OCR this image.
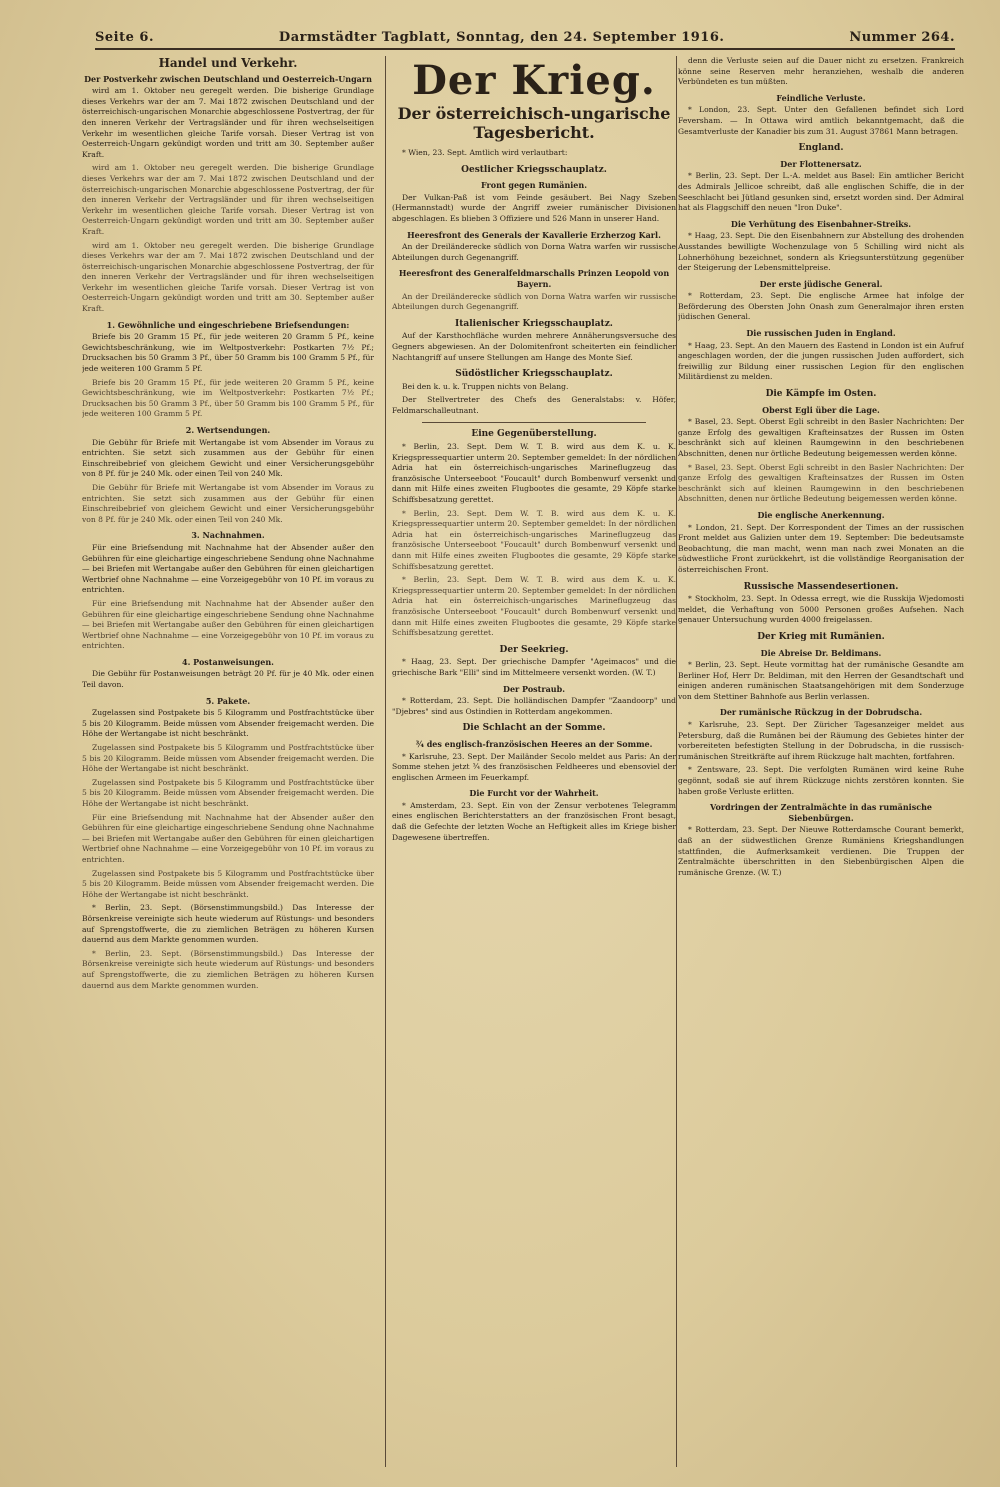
Seite 6.	Darmstädter Tagblatt, Sonntag, den 24. September 1916.	Nummer 264.
Handel und Verkehr.
Der Postverkehr zwischen Deutschland und Oesterreich-Ungarn

wird am 1. Oktober neu geregelt werden. Die bisherige Grundlage dieses Verkehrs war der am 7. Mai 1872 zwischen Deutschland und der österreichisch-ungarischen Monarchie abgeschlossene Postvertrag, der für den inneren Verkehr der Vertragsländer und für ihren wechselseitigen Verkehr im wesentlichen gleiche Tarife vorsah. Dieser Vertrag ist von Oesterreich-Ungarn gekündigt worden und tritt am 30. September außer Kraft.

wird am 1. Oktober neu geregelt werden. Die bisherige Grundlage dieses Verkehrs war der am 7. Mai 1872 zwischen Deutschland und der österreichisch-ungarischen Monarchie abgeschlossene Postvertrag, der für den inneren Verkehr der Vertragsländer und für ihren wechselseitigen Verkehr im wesentlichen gleiche Tarife vorsah. Dieser Vertrag ist von Oesterreich-Ungarn gekündigt worden und tritt am 30. September außer Kraft.

wird am 1. Oktober neu geregelt werden. Die bisherige Grundlage dieses Verkehrs war der am 7. Mai 1872 zwischen Deutschland und der österreichisch-ungarischen Monarchie abgeschlossene Postvertrag, der für den inneren Verkehr der Vertragsländer und für ihren wechselseitigen Verkehr im wesentlichen gleiche Tarife vorsah. Dieser Vertrag ist von Oesterreich-Ungarn gekündigt worden und tritt am 30. September außer Kraft.

1. Gewöhnliche und eingeschriebene Briefsendungen:

Briefe bis 20 Gramm 15 Pf., für jede weiteren 20 Gramm 5 Pf., keine Gewichtsbeschränkung, wie im Weltpostverkehr: Postkarten 7½ Pf.; Drucksachen bis 50 Gramm 3 Pf., über 50 Gramm bis 100 Gramm 5 Pf., für jede weiteren 100 Gramm 5 Pf.

Briefe bis 20 Gramm 15 Pf., für jede weiteren 20 Gramm 5 Pf., keine Gewichtsbeschränkung, wie im Weltpostverkehr: Postkarten 7½ Pf.; Drucksachen bis 50 Gramm 3 Pf., über 50 Gramm bis 100 Gramm 5 Pf., für jede weiteren 100 Gramm 5 Pf.

2. Wertsendungen.

Die Gebühr für Briefe mit Wertangabe ist vom Absender im Voraus zu entrichten. Sie setzt sich zusammen aus der Gebühr für einen Einschreibebrief von gleichem Gewicht und einer Versicherungsgebühr von 8 Pf. für je 240 Mk. oder einen Teil von 240 Mk.

Die Gebühr für Briefe mit Wertangabe ist vom Absender im Voraus zu entrichten. Sie setzt sich zusammen aus der Gebühr für einen Einschreibebrief von gleichem Gewicht und einer Versicherungsgebühr von 8 Pf. für je 240 Mk. oder einen Teil von 240 Mk.

3. Nachnahmen.

Für eine Briefsendung mit Nachnahme hat der Absender außer den Gebühren für eine gleichartige eingeschriebene Sendung ohne Nachnahme — bei Briefen mit Wertangabe außer den Gebühren für einen gleichartigen Wertbrief ohne Nachnahme — eine Vorzeigegebühr von 10 Pf. im voraus zu entrichten.

Für eine Briefsendung mit Nachnahme hat der Absender außer den Gebühren für eine gleichartige eingeschriebene Sendung ohne Nachnahme — bei Briefen mit Wertangabe außer den Gebühren für einen gleichartigen Wertbrief ohne Nachnahme — eine Vorzeigegebühr von 10 Pf. im voraus zu entrichten.

4. Postanweisungen.

Die Gebühr für Postanweisungen beträgt 20 Pf. für je 40 Mk. oder einen Teil davon.

5. Pakete.

Zugelassen sind Postpakete bis 5 Kilogramm und Postfrachtstücke über 5 bis 20 Kilogramm. Beide müssen vom Absender freigemacht werden. Die Höhe der Wertangabe ist nicht beschränkt.

Zugelassen sind Postpakete bis 5 Kilogramm und Postfrachtstücke über 5 bis 20 Kilogramm. Beide müssen vom Absender freigemacht werden. Die Höhe der Wertangabe ist nicht beschränkt.

Zugelassen sind Postpakete bis 5 Kilogramm und Postfrachtstücke über 5 bis 20 Kilogramm. Beide müssen vom Absender freigemacht werden. Die Höhe der Wertangabe ist nicht beschränkt.

Für eine Briefsendung mit Nachnahme hat der Absender außer den Gebühren für eine gleichartige eingeschriebene Sendung ohne Nachnahme — bei Briefen mit Wertangabe außer den Gebühren für einen gleichartigen Wertbrief ohne Nachnahme — eine Vorzeigegebühr von 10 Pf. im voraus zu entrichten.

Zugelassen sind Postpakete bis 5 Kilogramm und Postfrachtstücke über 5 bis 20 Kilogramm. Beide müssen vom Absender freigemacht werden. Die Höhe der Wertangabe ist nicht beschränkt.

* Berlin, 23. Sept. (Börsenstimmungsbild.) Das Interesse der Börsenkreise vereinigte sich heute wiederum auf Rüstungs- und besonders auf Sprengstoffwerte, die zu ziemlichen Beträgen zu höheren Kursen dauernd aus dem Markte genommen wurden.

* Berlin, 23. Sept. (Börsenstimmungsbild.) Das Interesse der Börsenkreise vereinigte sich heute wiederum auf Rüstungs- und besonders auf Sprengstoffwerte, die zu ziemlichen Beträgen zu höheren Kursen dauernd aus dem Markte genommen wurden.

Der Krieg.
Der österreichisch-ungarische Tagesbericht.

* Wien, 23. Sept. Amtlich wird verlautbart:

Oestlicher Kriegsschauplatz.
Front gegen Rumänien.

Der Vulkan-Paß ist vom Feinde gesäubert. Bei Nagy Szeben (Hermannstadt) wurde der Angriff zweier rumänischer Divisionen abgeschlagen. Es blieben 3 Offiziere und 526 Mann in unserer Hand.

Heeresfront des Generals der Kavallerie Erzherzog Karl.

An der Dreiländerecke südlich von Dorna Watra warfen wir russische Abteilungen durch Gegenangriff.

Heeresfront des Generalfeldmarschalls Prinzen Leopold von Bayern.

An der Dreiländerecke südlich von Dorna Watra warfen wir russische Abteilungen durch Gegenangriff.

Italienischer Kriegsschauplatz.

Auf der Karsthochfläche wurden mehrere Annäherungsversuche des Gegners abgewiesen. An der Dolomitenfront scheiterten ein feindlicher Nachtangriff auf unsere Stellungen am Hange des Monte Sief.

Südöstlicher Kriegsschauplatz.

Bei den k. u. k. Truppen nichts von Belang.

Der Stellvertreter des Chefs des Generalstabs: v. Höfer, Feldmarschalleutnant.

Eine Gegenüberstellung.

* Berlin, 23. Sept. Dem W. T. B. wird aus dem K. u. K. Kriegspressequartier unterm 20. September gemeldet: In der nördlichen Adria hat ein österreichisch-ungarisches Marineflugzeug das französische Unterseeboot "Foucault" durch Bombenwurf versenkt und dann mit Hilfe eines zweiten Flugbootes die gesamte, 29 Köpfe starke Schiffsbesatzung gerettet.

* Berlin, 23. Sept. Dem W. T. B. wird aus dem K. u. K. Kriegspressequartier unterm 20. September gemeldet: In der nördlichen Adria hat ein österreichisch-ungarisches Marineflugzeug das französische Unterseeboot "Foucault" durch Bombenwurf versenkt und dann mit Hilfe eines zweiten Flugbootes die gesamte, 29 Köpfe starke Schiffsbesatzung gerettet.

* Berlin, 23. Sept. Dem W. T. B. wird aus dem K. u. K. Kriegspressequartier unterm 20. September gemeldet: In der nördlichen Adria hat ein österreichisch-ungarisches Marineflugzeug das französische Unterseeboot "Foucault" durch Bombenwurf versenkt und dann mit Hilfe eines zweiten Flugbootes die gesamte, 29 Köpfe starke Schiffsbesatzung gerettet.

Der Seekrieg.

* Haag, 23. Sept. Der griechische Dampfer "Ageimacos" und die griechische Bark "Elli" sind im Mittelmeere versenkt worden. (W. T.)

Der Postraub.

* Rotterdam, 23. Sept. Die holländischen Dampfer "Zaandoorp" und "Djebres" sind aus Ostindien in Rotterdam angekommen.

Die Schlacht an der Somme.
¾ des englisch-französischen Heeres an der Somme.

* Karlsruhe, 23. Sept. Der Mailänder Secolo meldet aus Paris: An der Somme stehen jetzt ¾ des französischen Feldheeres und ebensoviel der englischen Armeen im Feuerkampf.

Die Furcht vor der Wahrheit.

* Amsterdam, 23. Sept. Ein von der Zensur verbotenes Telegramm eines englischen Berichterstatters an der französischen Front besagt, daß die Gefechte der letzten Woche an Heftigkeit alles im Kriege bisher Dagewesene übertreffen.

denn die Verluste seien auf die Dauer nicht zu ersetzen. Frankreich könne seine Reserven mehr heranziehen, weshalb die anderen Verbündeten es tun müßten.

Feindliche Verluste.

* London, 23. Sept. Unter den Gefallenen befindet sich Lord Feversham. — In Ottawa wird amtlich bekanntgemacht, daß die Gesamtverluste der Kanadier bis zum 31. August 37861 Mann betragen.

England.
Der Flottenersatz.

* Berlin, 23. Sept. Der L.-A. meldet aus Basel: Ein amtlicher Bericht des Admirals Jellicoe schreibt, daß alle englischen Schiffe, die in der Seeschlacht bei Jütland gesunken sind, ersetzt worden sind. Der Admiral hat als Flaggschiff den neuen "Iron Duke".

Die Verhütung des Eisenbahner-Streiks.

* Haag, 23. Sept. Die den Eisenbahnern zur Abstellung des drohenden Ausstandes bewilligte Wochenzulage von 5 Schilling wird nicht als Lohnerhöhung bezeichnet, sondern als Kriegsunterstützung gegenüber der Steigerung der Lebensmittelpreise.

Der erste jüdische General.

* Rotterdam, 23. Sept. Die englische Armee hat infolge der Beförderung des Obersten John Onash zum Generalmajor ihren ersten jüdischen General.

Die russischen Juden in England.

* Haag, 23. Sept. An den Mauern des Eastend in London ist ein Aufruf angeschlagen worden, der die jungen russischen Juden auffordert, sich freiwillig zur Bildung einer russischen Legion für den englischen Militärdienst zu melden.

Die Kämpfe im Osten.
Oberst Egli über die Lage.

* Basel, 23. Sept. Oberst Egli schreibt in den Basler Nachrichten: Der ganze Erfolg des gewaltigen Krafteinsatzes der Russen im Osten beschränkt sich auf kleinen Raumgewinn in den beschriebenen Abschnitten, denen nur örtliche Bedeutung beigemessen werden könne.

* Basel, 23. Sept. Oberst Egli schreibt in den Basler Nachrichten: Der ganze Erfolg des gewaltigen Krafteinsatzes der Russen im Osten beschränkt sich auf kleinen Raumgewinn in den beschriebenen Abschnitten, denen nur örtliche Bedeutung beigemessen werden könne.

Die englische Anerkennung.

* London, 21. Sept. Der Korrespondent der Times an der russischen Front meldet aus Galizien unter dem 19. September: Die bedeutsamste Beobachtung, die man macht, wenn man nach zwei Monaten an die südwestliche Front zurückkehrt, ist die vollständige Reorganisation der österreichischen Front.

Russische Massendesertionen.

* Stockholm, 23. Sept. In Odessa erregt, wie die Russkija Wjedomosti meldet, die Verhaftung von 5000 Personen großes Aufsehen. Nach genauer Untersuchung wurden 4000 freigelassen.

Der Krieg mit Rumänien.
Die Abreise Dr. Beldimans.

* Berlin, 23. Sept. Heute vormittag hat der rumänische Gesandte am Berliner Hof, Herr Dr. Beldiman, mit den Herren der Gesandtschaft und einigen anderen rumänischen Staatsangehörigen mit dem Sonderzuge von dem Stettiner Bahnhofe aus Berlin verlassen.

Der rumänische Rückzug in der Dobrudscha.

* Karlsruhe, 23. Sept. Der Züricher Tagesanzeiger meldet aus Petersburg, daß die Rumänen bei der Räumung des Gebietes hinter der vorbereiteten befestigten Stellung in der Dobrudscha, in die russisch-rumänischen Streitkräfte auf ihrem Rückzuge halt machten, fortfahren.

* Zentsware, 23. Sept. Die verfolgten Rumänen wird keine Ruhe gegönnt, sodaß sie auf ihrem Rückzuge nichts zerstören konnten. Sie haben große Verluste erlitten.

Vordringen der Zentralmächte in das rumänische Siebenbürgen.

* Rotterdam, 23. Sept. Der Nieuwe Rotterdamsche Courant bemerkt, daß an der südwestlichen Grenze Rumäniens Kriegshandlungen stattfinden, die Aufmerksamkeit verdienen. Die Truppen der Zentralmächte überschritten in den Siebenbürgischen Alpen die rumänische Grenze. (W. T.)
